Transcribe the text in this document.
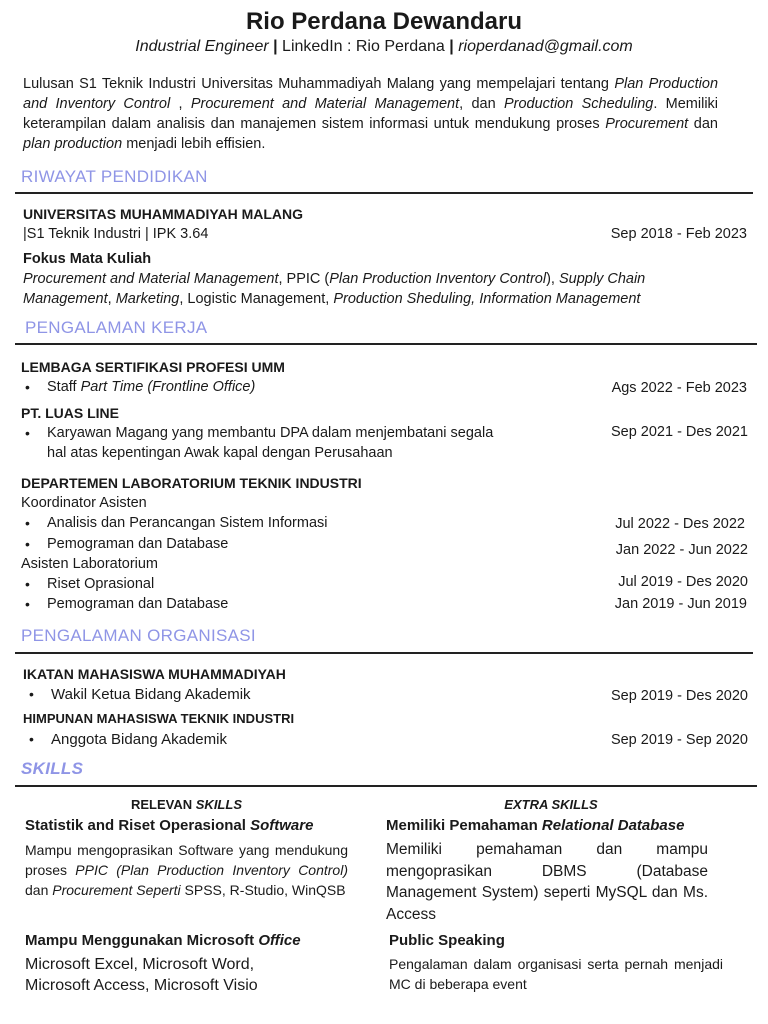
Rio Perdana Dewandaru
Industrial Engineer | LinkedIn : Rio Perdana | rioperdanad@gmail.com
Lulusan S1 Teknik Industri Universitas Muhammadiyah Malang yang mempelajari tentang Plan Production and Inventory Control , Procurement and Material Management, dan Production Scheduling. Memiliki keterampilan dalam analisis dan manajemen sistem informasi untuk mendukung proses Procurement dan plan production menjadi lebih effisien.
RIWAYAT PENDIDIKAN
UNIVERSITAS MUHAMMADIYAH MALANG
|S1 Teknik Industri | IPK 3.64	Sep 2018 - Feb 2023
Fokus Mata Kuliah
Procurement and Material Management, PPIC (Plan Production Inventory Control), Supply Chain
Management, Marketing, Logistic Management, Production Sheduling, Information Management
PENGALAMAN KERJA
LEMBAGA SERTIFIKASI PROFESI UMM
• Staff Part Time (Frontline Office)	Ags 2022 - Feb 2023
PT. LUAS LINE
• Karyawan Magang yang membantu DPA dalam menjembatani segala
hal atas kepentingan Awak kapal dengan Perusahaan
Sep 2021 - Des 2021
DEPARTEMEN LABORATORIUM TEKNIK INDUSTRI
Koordinator Asisten
• Analisis dan Perancangan Sistem Informasi	Jul 2022 - Des 2022
• Pemograman dan Database	Jan 2022 - Jun 2022
Asisten Laboratorium
• Riset Oprasional	Jul 2019 - Des 2020
• Pemograman dan Database	Jan 2019 - Jun 2019
PENGALAMAN ORGANISASI
IKATAN MAHASISWA MUHAMMADIYAH
• Wakil Ketua Bidang Akademik	Sep 2019 - Des 2020
HIMPUNAN MAHASISWA TEKNIK INDUSTRI
• Anggota Bidang Akademik	Sep 2019 - Sep 2020
SKILLS
RELEVAN SKILLS	EXTRA SKILLS
Statistik and Riset Operasional Software
Mampu mengoprasikan Software yang mendukung proses PPIC (Plan Production Inventory Control) dan Procurement Seperti SPSS, R-Studio, WinQSB
Mampu Menggunakan Microsoft Office
Microsoft Excel, Microsoft Word,
Microsoft Access, Microsoft Visio
Memiliki Pemahaman Relational Database
Memiliki pemahaman dan mampu mengoprasikan DBMS (Database Management System) seperti MySQL dan Ms. Access
Public Speaking
Pengalaman dalam organisasi serta pernah menjadi MC di beberapa event
